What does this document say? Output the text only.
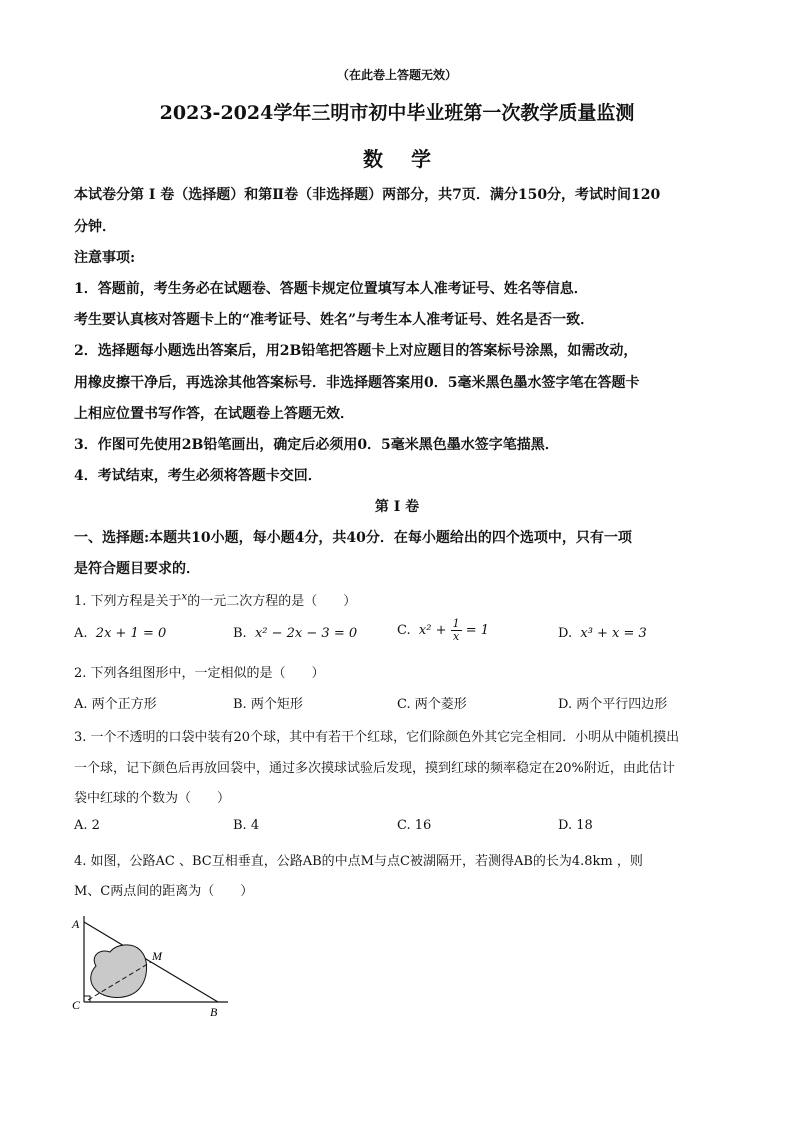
（在此卷上答题无效）
2023-2024学年三明市初中毕业班第一次教学质量监测
数学
本试卷分第 I 卷（选择题）和第Ⅱ卷（非选择题）两部分，共7页．满分150分，考试时间120
分钟．
注意事项:
1．答题前，考生务必在试题卷、答题卡规定位置填写本人准考证号、姓名等信息．
考生要认真核对答题卡上的“准考证号、姓名”与考生本人准考证号、姓名是否一致．
2．选择题每小题选出答案后，用2B铅笔把答题卡上对应题目的答案标号涂黑，如需改动，
用橡皮擦干净后，再选涂其他答案标号．非选择题答案用0．5毫米黑色墨水签字笔在答题卡
上相应位置书写作答，在试题卷上答题无效．
3．作图可先使用2B铅笔画出，确定后必须用0．5毫米黑色墨水签字笔描黑．
4．考试结束，考生必须将答题卡交回．
第 I 卷
一、选择题:本题共10小题，每小题4分，共40分．在每小题给出的四个选项中，只有一项
是符合题目要求的．
1. 下列方程是关于$^x$的一元二次方程的是（　　）
A. 2x + 1 = 0	B. x² − 2x − 3 = 0	C. $x^2 + \frac{1}{x} = 1$	D. x³ + x = 3
2. 下列各组图形中，一定相似的是（　　）
A. 两个正方形	B. 两个矩形	C. 两个菱形	D. 两个平行四边形
3. 一个不透明的口袋中装有20个球，其中有若干个红球，它们除颜色外其它完全相同．小明从中随机摸出
一个球，记下颜色后再放回袋中，通过多次摸球试验后发现，摸到红球的频率稳定在20%附近，由此估计
袋中红球的个数为（　　）
A. 2	B. 4	C. 16	D. 18
4. 如图，公路AC 、BC互相垂直，公路AB的中点M与点C被湖隔开，若测得AB的长为4.8km ，则
M、C两点间的距离为（　　）
A
C	B
M
